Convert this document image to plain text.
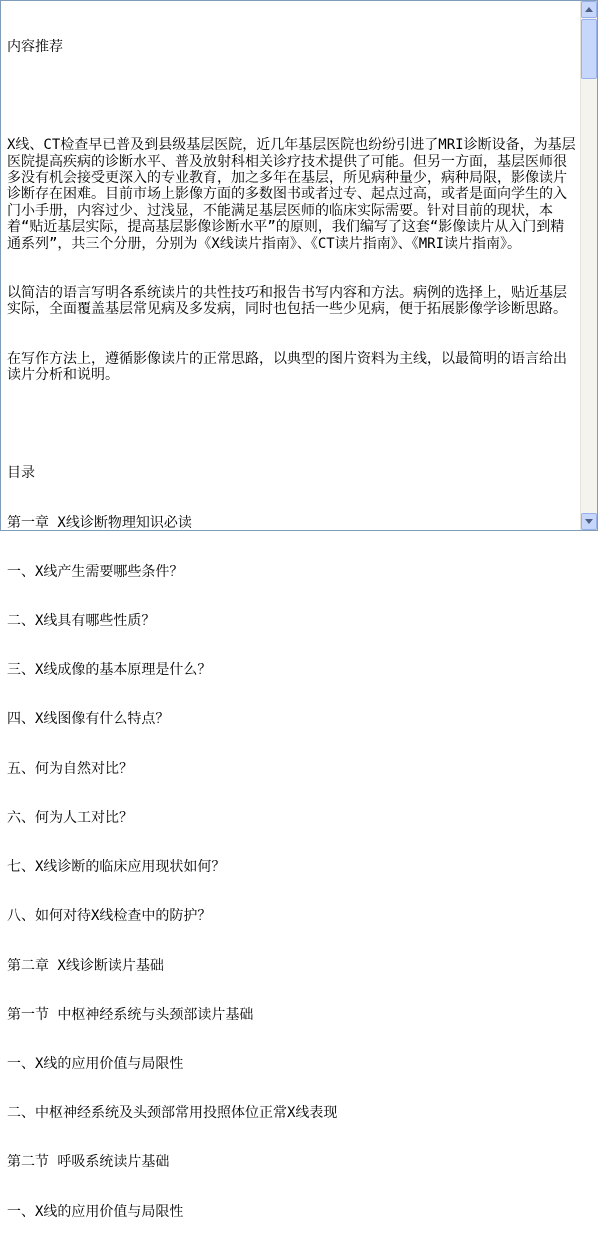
内容推荐

X线、CT检查早已普及到县级基层医院，近几年基层医院也纷纷引进了MRI诊断设备，为基层医院提高疾病的诊断水平、普及放射科相关诊疗技术提供了可能。但另一方面，基层医师很多没有机会接受更深入的专业教育，加之多年在基层，所见病种量少，病种局限，影像读片诊断存在困难。目前市场上影像方面的多数图书或者过专、起点过高，或者是面向学生的入门小手册，内容过少、过浅显，不能满足基层医师的临床实际需要。针对目前的现状，本着“贴近基层实际，提高基层影像诊断水平”的原则，我们编写了这套“影像读片从入门到精通系列”，共三个分册，分别为《X线读片指南》、《CT读片指南》、《MRI读片指南》。

以简洁的语言写明各系统读片的共性技巧和报告书写内容和方法。病例的选择上，贴近基层实际，全面覆盖基层常见病及多发病，同时也包括一些少见病，便于拓展影像学诊断思路。

在写作方法上，遵循影像读片的正常思路，以典型的图片资料为主线，以最简明的语言给出读片分析和说明。

目录

第一章 X线诊断物理知识必读

一、X线产生需要哪些条件？

二、X线具有哪些性质？

三、X线成像的基本原理是什么？

四、X线图像有什么特点？

五、何为自然对比？

六、何为人工对比？

七、X线诊断的临床应用现状如何？

八、如何对待X线检查中的防护？

第二章 X线诊断读片基础

第一节 中枢神经系统与头颈部读片基础

一、X线的应用价值与局限性

二、中枢神经系统及头颈部常用投照体位正常X线表现

第二节 呼吸系统读片基础

一、X线的应用价值与局限性
